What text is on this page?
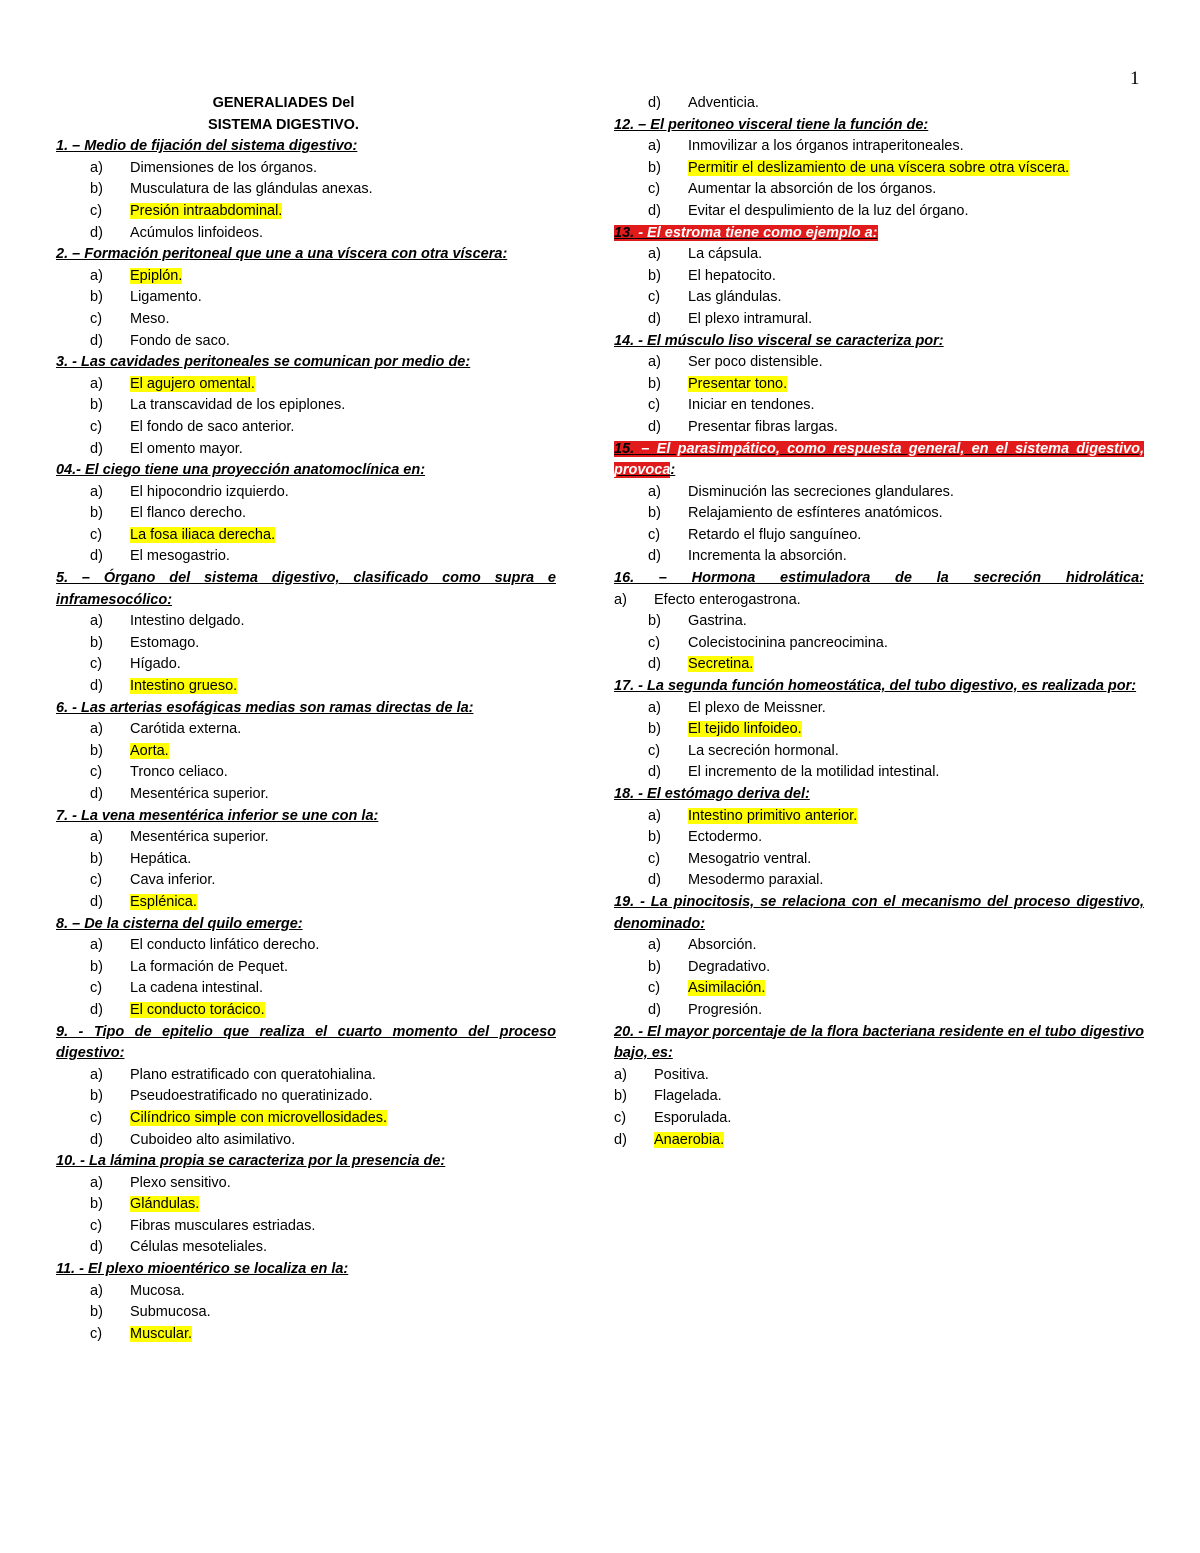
1
GENERALIADES Del
SISTEMA DIGESTIVO.
1. – Medio de fijación del sistema digestivo:
a) Dimensiones de los órganos.
b) Musculatura de las glándulas anexas.
c) Presión intraabdominal.
d) Acúmulos linfoideos.
2. – Formación peritoneal que une a una víscera con otra víscera:
a) Epiplón.
b) Ligamento.
c) Meso.
d) Fondo de saco.
3. - Las cavidades peritoneales se comunican por medio de:
a) El agujero omental.
b) La transcavidad de los epiplones.
c) El fondo de saco anterior.
d) El omento mayor.
04.- El ciego tiene una proyección anatomoclínica en:
a) El hipocondrio izquierdo.
b) El flanco derecho.
c) La fosa iliaca derecha.
d) El mesogastrio.
5. – Órgano del sistema digestivo, clasificado como supra e inframesocólico:
a) Intestino delgado.
b) Estomago.
c) Hígado.
d) Intestino grueso.
6. - Las arterias esofágicas medias son ramas directas de la:
a) Carótida externa.
b) Aorta.
c) Tronco celiaco.
d) Mesentérica superior.
7. - La vena mesentérica inferior se une con la:
a) Mesentérica superior.
b) Hepática.
c) Cava inferior.
d) Esplénica.
8. – De la cisterna del quilo emerge:
a) El conducto linfático derecho.
b) La formación de Pequet.
c) La cadena intestinal.
d) El conducto torácico.
9. - Tipo de epitelio que realiza el cuarto momento del proceso digestivo:
a) Plano estratificado con queratohialina.
b) Pseudoestratificado no queratinizado.
c) Cilíndrico simple con microvellosidades.
d) Cuboideo alto asimilativo.
10. - La lámina propia se caracteriza por la presencia de:
a) Plexo sensitivo.
b) Glándulas.
c) Fibras musculares estriadas.
d) Células mesoteliales.
11. - El plexo mioentérico se localiza en la:
a) Mucosa.
b) Submucosa.
c) Muscular.
d) Adventicia.
12. – El peritoneo visceral tiene la función de:
a) Inmovilizar a los órganos intraperitoneales.
b) Permitir el deslizamiento de una víscera sobre otra víscera.
c) Aumentar la absorción de los órganos.
d) Evitar el despulimiento de la luz del órgano.
13. - El estroma tiene como ejemplo a:
a) La cápsula.
b) El hepatocito.
c) Las glándulas.
d) El plexo intramural.
14. - El músculo liso visceral se caracteriza por:
a) Ser poco distensible.
b) Presentar tono.
c) Iniciar en tendones.
d) Presentar fibras largas.
15. – El parasimpático, como respuesta general, en el sistema digestivo, provoca:
a) Disminución las secreciones glandulares.
b) Relajamiento de esfínteres anatómicos.
c) Retardo el flujo sanguíneo.
d) Incrementa la absorción.
16. – Hormona estimuladora de la secreción hidrolática:
a) Efecto enterogastrona.
b) Gastrina.
c) Colecistocinina pancreocimina.
d) Secretina.
17. - La segunda función homeostática, del tubo digestivo, es realizada por:
a) El plexo de Meissner.
b) El tejido linfoideo.
c) La secreción hormonal.
d) El incremento de la motilidad intestinal.
18. - El estómago deriva del:
a) Intestino primitivo anterior.
b) Ectodermo.
c) Mesogatrio ventral.
d) Mesodermo paraxial.
19. - La pinocitosis, se relaciona con el mecanismo del proceso digestivo, denominado:
a) Absorción.
b) Degradativo.
c) Asimilación.
d) Progresión.
20. - El mayor porcentaje de la flora bacteriana residente en el tubo digestivo bajo, es:
a) Positiva.
b) Flagelada.
c) Esporulada.
d) Anaerobia.
